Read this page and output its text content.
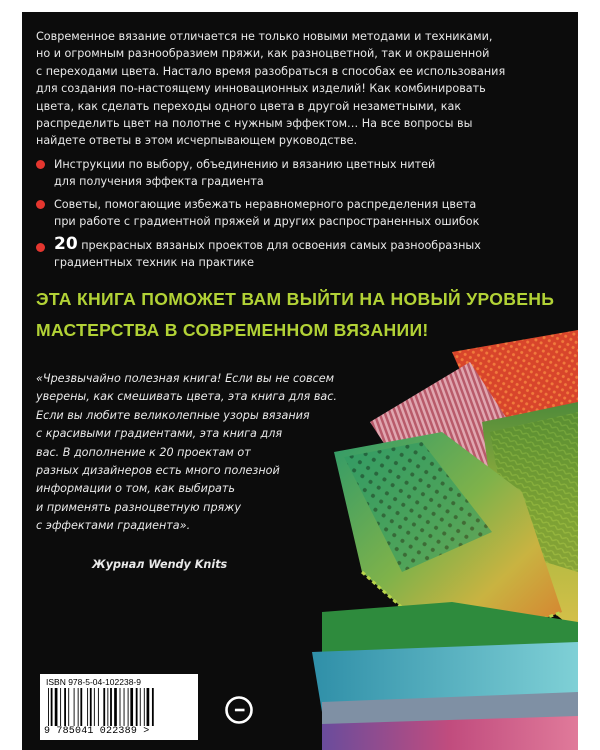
Современное вязание отличается не только новыми методами и техниками,
но и огромным разнообразием пряжи, как разноцветной, так и окрашенной
с переходами цвета. Настало время разобраться в способах ее использования
для создания по-настоящему инновационных изделий! Как комбинировать
цвета, как сделать переходы одного цвета в другой незаметными, как
распределить цвет на полотне с нужным эффектом… На все вопросы вы
найдете ответы в этом исчерпывающем руководстве.
Инструкции по выбору, объединению и вязанию цветных нитей
для получения эффекта градиента
Советы, помогающие избежать неравномерного распределения цвета
при работе с градиентной пряжей и других распространенных ошибок
20 прекрасных вязаных проектов для освоения самых разнообразных
градиентных техник на практике
ЭТА КНИГА ПОМОЖЕТ ВАМ ВЫЙТИ НА НОВЫЙ УРОВЕНЬ
МАСТЕРСТВА В СОВРЕМЕННОМ ВЯЗАНИИ!
«Чрезвычайно полезная книга! Если вы не совсем
уверены, как смешивать цвета, эта книга для вас.
Если вы любите великолепные узоры вязания
с красивыми градиентами, эта книга для
вас. В дополнение к 20 проектам от
разных дизайнеров есть много полезной
информации о том, как выбирать
и применять разноцветную пряжу
с эффектами градиента».
Журнал Wendy Knits
ISBN 978-5-04-102238-9
9 785041 022389 >
